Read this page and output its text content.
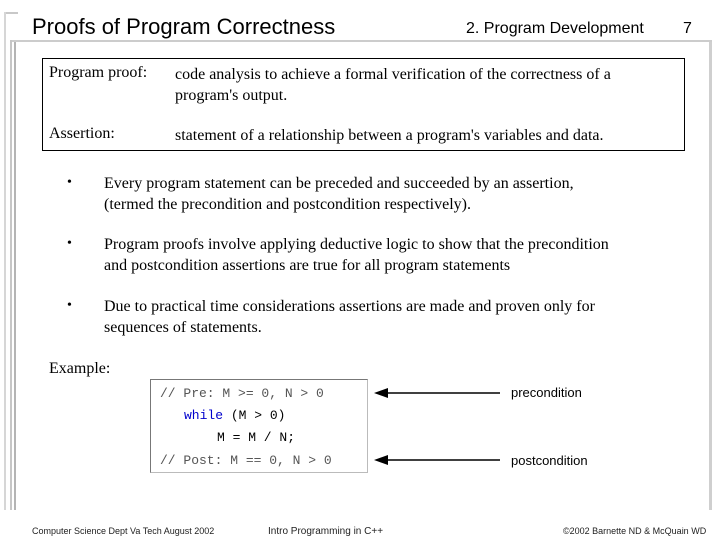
Proofs of Program Correctness	2. Program Development 7
Program proof: code analysis to achieve a formal verification of the correctness of a
program's output.
Assertion:	statement of a relationship between a program's variables and data.
• Every program statement can be preceded and succeeded by an assertion,
(termed the precondition and postcondition respectively).
• Program proofs involve applying deductive logic to show that the precondition
and postcondition assertions are true for all program statements
• Due to practical time considerations assertions are made and proven only for
sequences of statements.
Example:
// Pre: M >= 0, N > 0
while (M > 0)
M = M / N;
// Post: M == 0, N > 0
precondition
postcondition
Computer Science Dept Va Tech August 2002	Intro Programming in C++	©2002 Barnette ND & McQuain WD
